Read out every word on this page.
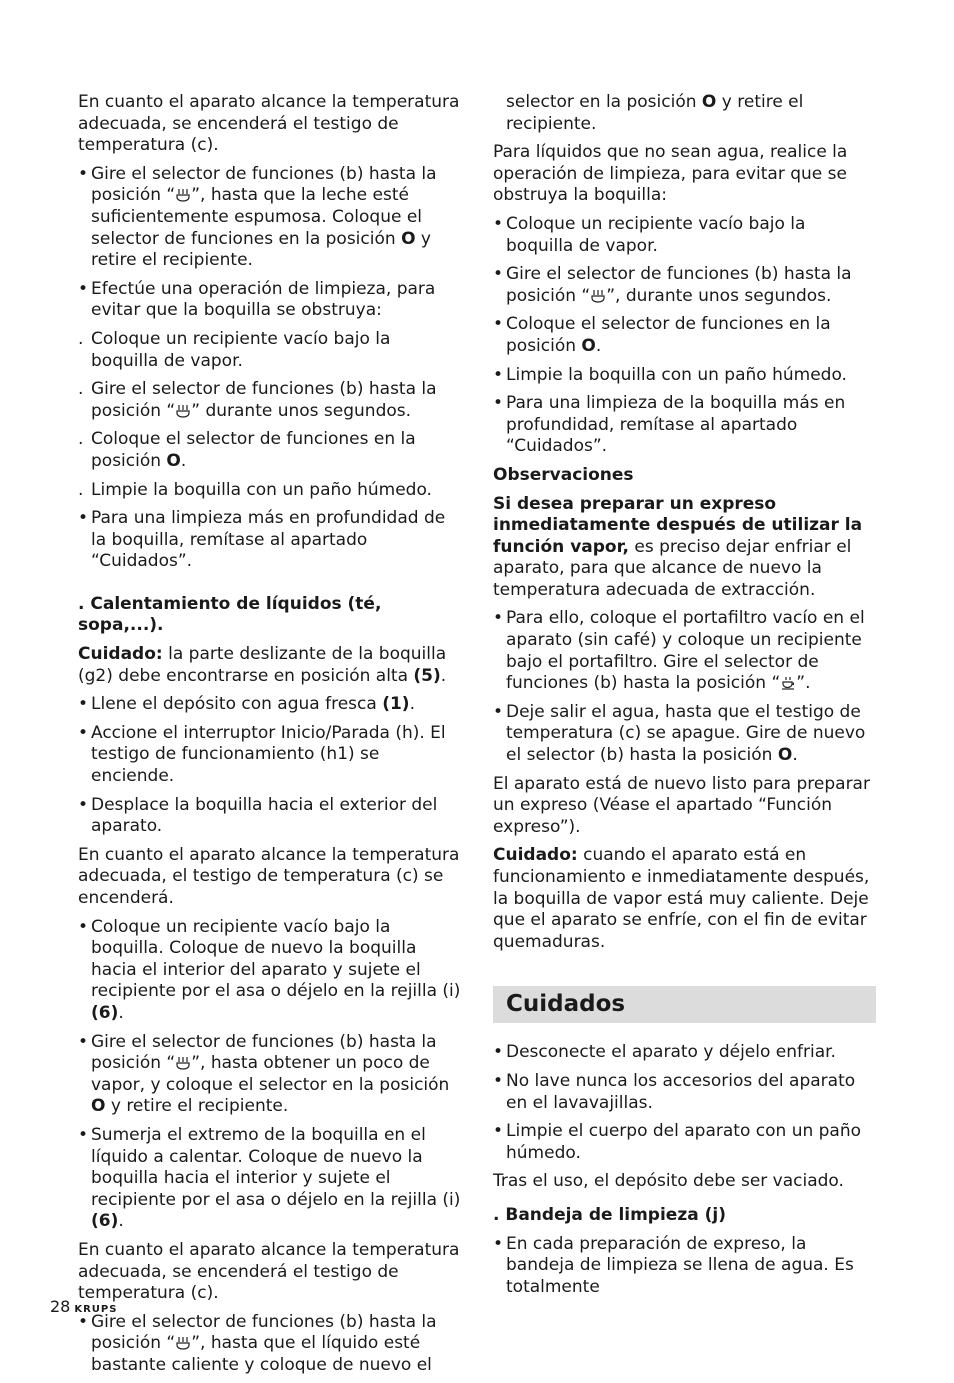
En cuanto el aparato alcance la temperatura adecuada, se encenderá el testigo de temperatura (c).

• Gire el selector de funciones (b) hasta la posición “ ”, hasta que la leche esté suficientemente espumosa. Coloque el selector de funciones en la posición O y retire el recipiente.
• Efectúe una operación de limpieza, para evitar que la boquilla se obstruya:
. Coloque un recipiente vacío bajo la boquilla de vapor.
. Gire el selector de funciones (b) hasta la posición “ ” durante unos segundos.
. Coloque el selector de funciones en la posición O.
. Limpie la boquilla con un paño húmedo.
• Para una limpieza más en profundidad de la boquilla, remítase al apartado “Cuidados”.

. Calentamiento de líquidos (té, sopa,...).

Cuidado: la parte deslizante de la boquilla (g2) debe encontrarse en posición alta (5).

• Llene el depósito con agua fresca (1).
• Accione el interruptor Inicio/Parada (h). El testigo de funcionamiento (h1) se enciende.
• Desplace la boquilla hacia el exterior del aparato.

En cuanto el aparato alcance la temperatura adecuada, el testigo de temperatura (c) se encenderá.

• Coloque un recipiente vacío bajo la boquilla. Coloque de nuevo la boquilla hacia el interior del aparato y sujete el recipiente por el asa o déjelo en la rejilla (i) (6).
• Gire el selector de funciones (b) hasta la posición “ ”, hasta obtener un poco de vapor, y coloque el selector en la posición O y retire el recipiente.
• Sumerja el extremo de la boquilla en el líquido a calentar. Coloque de nuevo la boquilla hacia el interior y sujete el recipiente por el asa o déjelo en la rejilla (i) (6).

En cuanto el aparato alcance la temperatura adecuada, se encenderá el testigo de temperatura (c).

• Gire el selector de funciones (b) hasta la posición “ ”, hasta que el líquido esté bastante caliente y coloque de nuevo el
selector en la posición O y retire el recipiente.

Para líquidos que no sean agua, realice la operación de limpieza, para evitar que se obstruya la boquilla:

• Coloque un recipiente vacío bajo la boquilla de vapor.
• Gire el selector de funciones (b) hasta la posición “ ”, durante unos segundos.
• Coloque el selector de funciones en la posición O.
• Limpie la boquilla con un paño húmedo.
• Para una limpieza de la boquilla más en profundidad, remítase al apartado “Cuidados”.

Observaciones

Si desea preparar un expreso inmediatamente después de utilizar la función vapor, es preciso dejar enfriar el aparato, para que alcance de nuevo la temperatura adecuada de extracción.

• Para ello, coloque el portafiltro vacío en el aparato (sin café) y coloque un recipiente bajo el portafiltro. Gire el selector de funciones (b) hasta la posición “ ”.
• Deje salir el agua, hasta que el testigo de temperatura (c) se apague. Gire de nuevo el selector (b) hasta la posición O.

El aparato está de nuevo listo para preparar un expreso (Véase el apartado “Función expreso”).

Cuidado: cuando el aparato está en funcionamiento e inmediatamente después, la boquilla de vapor está muy caliente. Deje que el aparato se enfríe, con el fin de evitar quemaduras.

Cuidados
• Desconecte el aparato y déjelo enfriar.
• No lave nunca los accesorios del aparato en el lavavajillas.
• Limpie el cuerpo del aparato con un paño húmedo.

Tras el uso, el depósito debe ser vaciado.

. Bandeja de limpieza (j)

• En cada preparación de expreso, la bandeja de limpieza se llena de agua. Es totalmente
28 KRUPS
